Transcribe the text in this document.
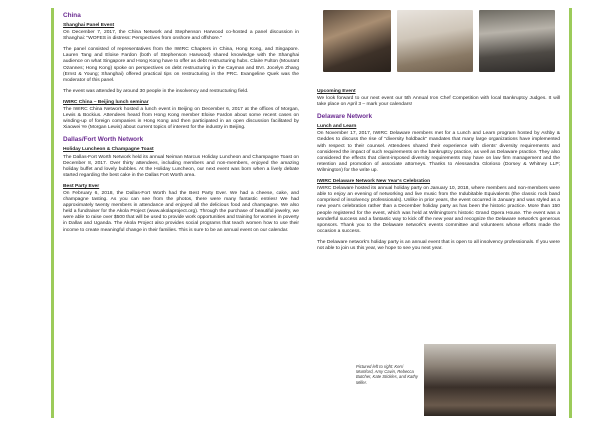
China
Shanghai Panel Event

On December 7, 2017, the China Network and Stephenson Harwood co-hosted a panel discussion in Shanghai: "WOFES in distress: Perspectives from onshore and offshore."

The panel consisted of representatives from the IWIRC Chapters in China, Hong Kong, and Singapore. Lauren Tang and Eloise Fardon (both of Stephenson Harwood) shared knowledge with the Shanghai audience on what Singapore and Hong Kong have to offer as debt restructuring hubs. Claire Fulton (Mourant Ozannes; Hong Kong) spoke on perspectives on debt restructuring in the Cayman and BVI. Jocelyn Zhang (Ernst & Young; Shanghai) offered practical tips on restructuring in the PRC. Evangeline Quek was the moderator of this panel.

The event was attended by around 30 people in the insolvency and restructuring field.

IWIRC China – Beijing lunch seminar

The IWIRC China Network hosted a lunch event in Beijing on December 6, 2017 at the offices of Morgan, Lewis & Bockius. Attendees heard from Hong Kong member Eloise Fardon about some recent cases on winding-up of foreign companies in Hong Kong and then participated in an open discussion facilitated by Xiaowei Ye (Morgan Lewis) about current topics of interest for the industry in Beijing.

Dallas/Fort Worth Network
Holiday Luncheon & Champagne Toast

The Dallas-Fort Worth Network held its annual Neiman Marcus Holiday Luncheon and Champagne Toast on December 8, 2017. Over thirty attendees, including members and non-members, enjoyed the amazing holiday buffet and lovely bubbles. At the Holiday Luncheon, our next event was born when a lively debate started regarding the best cake in the Dallas Fort Worth area.

Best Party Ever

On February 6, 2018, the Dallas-Fort Worth had the Best Party Ever. We had a cheese, cake, and champagne tasting. As you can see from the photos, there were many fantastic entries! We had approximately twenty members in attendance and enjoyed all the delicious food and champagne. We also held a fundraiser for the Akola Project (www.akolaproject.org). Through the purchase of beautiful jewelry, we were able to raise over $500 that will be used to provide work opportunities and training for women in poverty in Dallas and Uganda. The Akola Project also provides social programs that teach women how to use their income to create meaningful change in their families. This is sure to be an annual event on our calendar.

Upcoming Event

We look forward to our next event our 5th Annual Iron Chef Competition with local Bankruptcy Judges. It will take place on April 3 – mark your calendars!

Delaware Network
Lunch and Learn

On November 17, 2017, IWIRC Delaware members met for a Lunch and Learn program hosted by Ashby & Geddes to discuss the rise of "diversity holdback" mandates that many large organizations have implemented with respect to their counsel. Attendees shared their experience with clients' diversity requirements and considered the impact of such requirements on the bankruptcy practice, as well as Delaware practice. They also considered the effects that client-imposed diversity requirements may have on law firm management and the retention and promotion of associate attorneys. Thanks to Alessandra Glorioso (Dorsey & Whitney LLP; Wilmington) for the write up.

IWIRC Delaware Network New Year's Celebration

IWIRC Delaware hosted its annual holiday party on January 10, 2018, where members and non-members were able to enjoy an evening of networking and live music from the Indubitable Equivalents (the classic rock band comprised of insolvency professionals). Unlike in prior years, the event occurred in January and was styled as a new year's celebration rather than a December holiday party as has been the historic practice. More than 150 people registered for the event, which was held at Wilmington's historic Grand Opera House. The event was a wonderful success and a fantastic way to kick off the new year and recognize the Delaware network's generous sponsors. Thank you to the Delaware network's events committee and volunteers whose efforts made the occasion a success.

The Delaware network's holiday party is an annual event that is open to all insolvency professionals. If you were not able to join us this year, we hope to see you next year.

Pictured left to right: Kerri Mumford, Amy Cavin, Rebecca Butcher, Kate Stickles, and Kathy Miller.
